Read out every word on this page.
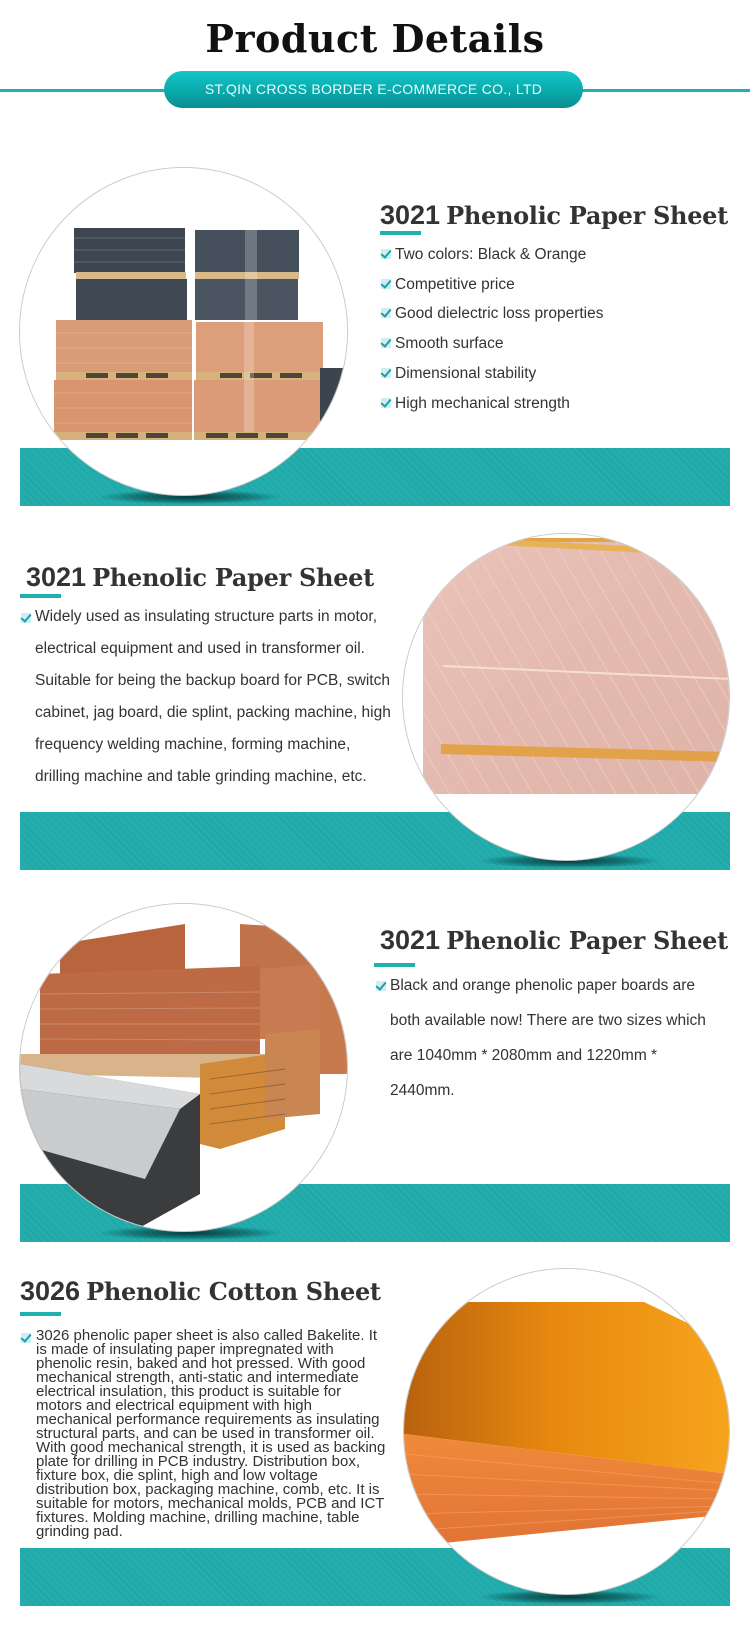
Product Details
ST.QIN CROSS BORDER E-COMMERCE CO., LTD
3021 Phenolic Paper Sheet
Two colors: Black & Orange
Competitive price
Good dielectric loss properties
Smooth surface
Dimensional stability
High mechanical strength
3021 Phenolic Paper Sheet
Widely used as insulating structure parts in motor,
electrical equipment and used in transformer oil.
Suitable for being the backup board for PCB, switch
cabinet, jag board, die splint, packing machine, high
frequency welding machine, forming machine,
drilling machine and table grinding machine, etc.
3021 Phenolic Paper Sheet
Black and orange phenolic paper boards are
both available now! There are two sizes which
are 1040mm * 2080mm and 1220mm *
2440mm.
3026 Phenolic Cotton Sheet
3026 phenolic paper sheet is also called Bakelite. It
is made of insulating paper impregnated with
phenolic resin, baked and hot pressed. With good
mechanical strength, anti-static and intermediate
electrical insulation, this product is suitable for
motors and electrical equipment with high
mechanical performance requirements as insulating
structural parts, and can be used in transformer oil.
With good mechanical strength, it is used as backing
plate for drilling in PCB industry. Distribution box,
fixture box, die splint, high and low voltage
distribution box, packaging machine, comb, etc. It is
suitable for motors, mechanical molds, PCB and ICT
fixtures. Molding machine, drilling machine, table
grinding pad.
